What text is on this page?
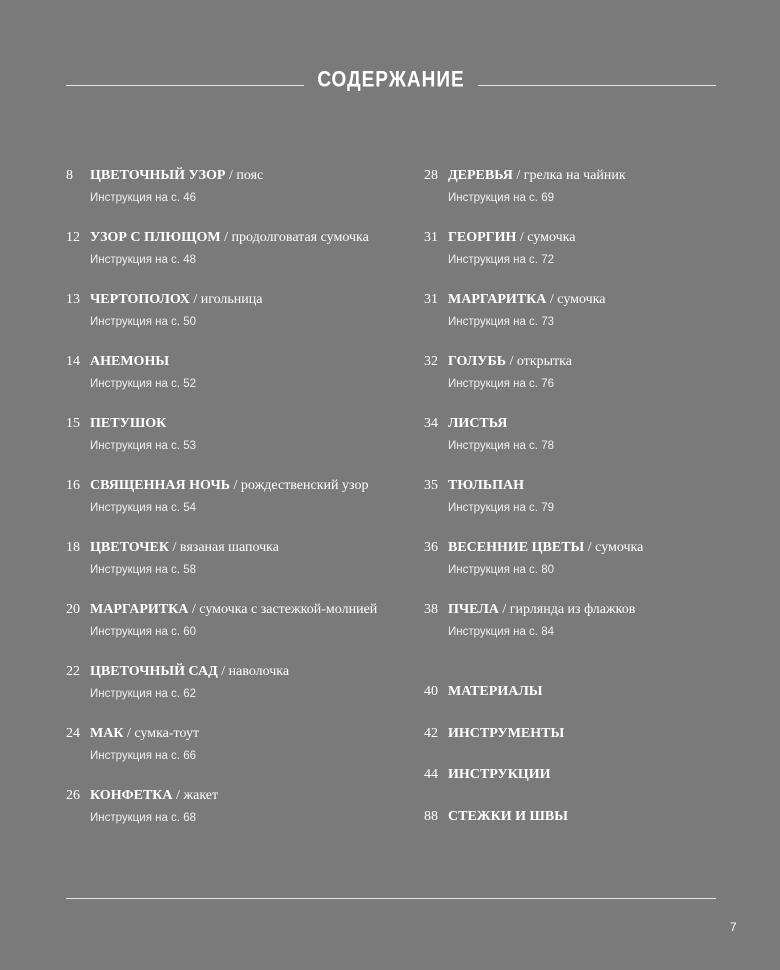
СОДЕРЖАНИЕ
8 ЦВЕТОЧНЫЙ УЗОР / пояс
Инструкция на с. 46
12 УЗОР С ПЛЮЩОМ / продолговатая сумочка
Инструкция на с. 48
13 ЧЕРТОПОЛОХ / игольница
Инструкция на с. 50
14 АНЕМОНЫ
Инструкция на с. 52
15 ПЕТУШОК
Инструкция на с. 53
16 СВЯЩЕННАЯ НОЧЬ / рождественский узор
Инструкция на с. 54
18 ЦВЕТОЧЕК / вязаная шапочка
Инструкция на с. 58
20 МАРГАРИТКА / сумочка с застежкой-молнией
Инструкция на с. 60
22 ЦВЕТОЧНЫЙ САД / наволочка
Инструкция на с. 62
24 МАК / сумка-тоут
Инструкция на с. 66
26 КОНФЕТКА / жакет
Инструкция на с. 68
28 ДЕРЕВЬЯ / грелка на чайник
Инструкция на с. 69
31 ГЕОРГИН / сумочка
Инструкция на с. 72
31 МАРГАРИТКА / сумочка
Инструкция на с. 73
32 ГОЛУБЬ / открытка
Инструкция на с. 76
34 ЛИСТЬЯ
Инструкция на с. 78
35 ТЮЛЬПАН
Инструкция на с. 79
36 ВЕСЕННИЕ ЦВЕТЫ / сумочка
Инструкция на с. 80
38 ПЧЕЛА / гирлянда из флажков
Инструкция на с. 84
40 МАТЕРИАЛЫ
42 ИНСТРУМЕНТЫ
44 ИНСТРУКЦИИ
88 СТЕЖКИ И ШВЫ
7
